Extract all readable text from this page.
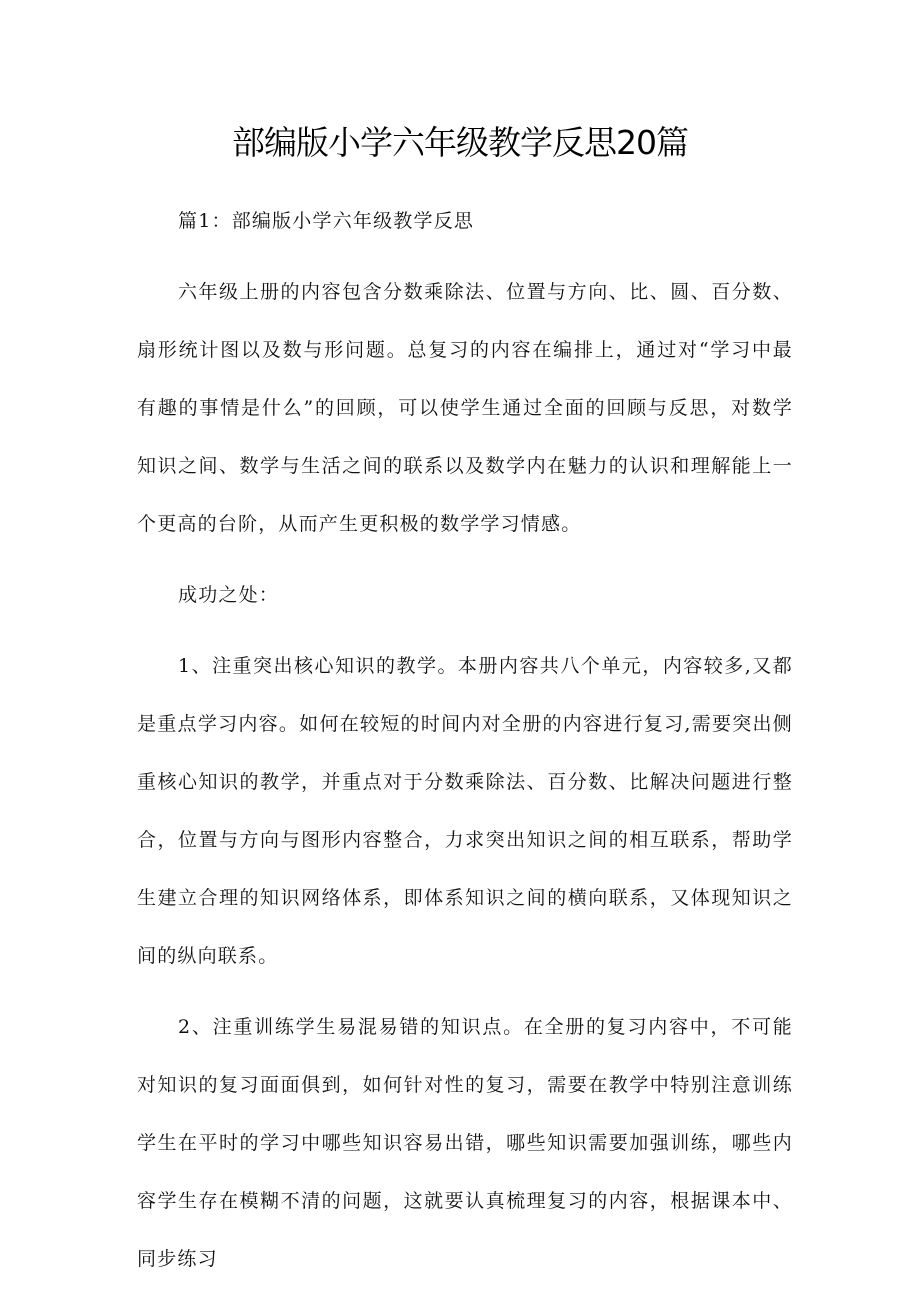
部编版小学六年级教学反思20篇

篇1：部编版小学六年级教学反思

六年级上册的内容包含分数乘除法、位置与方向、比、圆、百分数、扇形统计图以及数与形问题。总复习的内容在编排上，通过对“学习中最有趣的事情是什么”的回顾，可以使学生通过全面的回顾与反思，对数学知识之间、数学与生活之间的联系以及数学内在魅力的认识和理解能上一个更高的台阶，从而产生更积极的数学学习情感。

成功之处：

1、注重突出核心知识的教学。本册内容共八个单元，内容较多,又都是重点学习内容。如何在较短的时间内对全册的内容进行复习,需要突出侧重核心知识的教学，并重点对于分数乘除法、百分数、比解决问题进行整合，位置与方向与图形内容整合，力求突出知识之间的相互联系，帮助学生建立合理的知识网络体系，即体系知识之间的横向联系，又体现知识之间的纵向联系。

2、注重训练学生易混易错的知识点。在全册的复习内容中，不可能对知识的复习面面俱到，如何针对性的复习，需要在教学中特别注意训练学生在平时的学习中哪些知识容易出错，哪些知识需要加强训练，哪些内容学生存在模糊不清的问题，这就要认真梳理复习的内容，根据课本中、同步练习
